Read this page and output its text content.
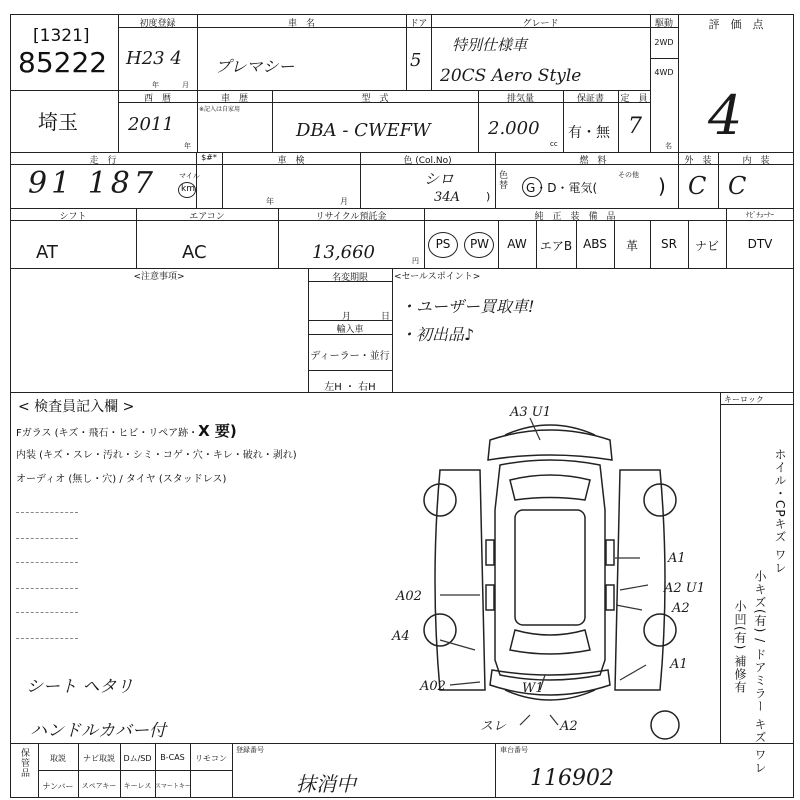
[1321]
85222
初度登録
H23 4
年	月
車　名
プレマシー
ドア
5
グレード
特別仕様車
20CS Aero Style
駆動
2WD
4WD
評　価　点
4
埼玉
西　暦
2011
年
車　歴
※記入は自家用
型　式
DBA - CWEFW
排気量
2.000
cc
保証書
有・無
定　員
7
名
走　行
91 187	マイル
km
$#*	車　検
年	月
色 (Col.No)
シロ
34A )
色替
燃　料
G・D・電気(
その他 )
外　装
C
内　装
C
シフト
AT
エアコン
AC
リサイクル預託金
13,660	円
純　正　装　備　品	ﾅﾋﾞﾁｭｰﾅｰ
PS	PW	AW	エアB ABS	革	SR	ナビ	DTV
<注意事項>	名変期限
月	日
輸入車
ディーラー・並行
左H ・ 右H
<セールスポイント>
・ユーザー買取車!
・初出品♪
< 検査員記入欄 >
Fガラス (キズ・飛石・ヒビ・リペア跡・X 要)
内装 (キズ・スレ・汚れ・シミ・コゲ・穴・キレ・破れ・剥れ)
オーディオ (無し・穴) / タイヤ (スタッドレス)
シート ヘタリ
ハンドルカバー付
キーロック
ホイル・CPキズ ワレ
小キズ(有) / ドアミラー キズ ワレ
小凹(有) 補修有
A3 U1
A1
A2 U1
A2
A1
A02
A4
A02	W1
スレ	A2
保管品	取説	ナビ取説	Dム/SD	B-CAS	リモコン
ナンバー	スペアキー	キーレス スマートキー
登録番号
抹消中
車台番号
116902
